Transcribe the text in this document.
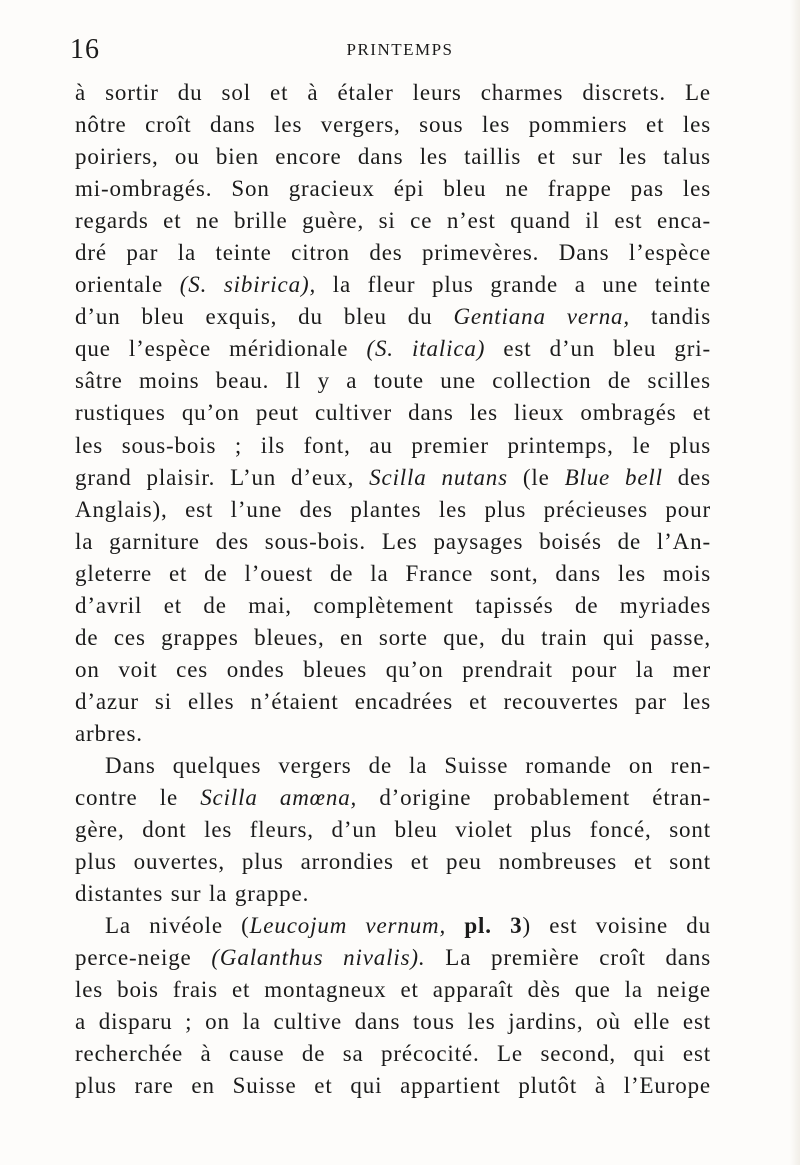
16	PRINTEMPS
à sortir du sol et à étaler leurs charmes discrets. Le
nôtre croît dans les vergers, sous les pommiers et les
poiriers, ou bien encore dans les taillis et sur les talus
mi-ombragés. Son gracieux épi bleu ne frappe pas les
regards et ne brille guère, si ce n’est quand il est enca-
dré par la teinte citron des primevères. Dans l’espèce
orientale (S. sibirica), la fleur plus grande a une teinte
d’un bleu exquis, du bleu du Gentiana verna, tandis
que l’espèce méridionale (S. italica) est d’un bleu gri-
sâtre moins beau. Il y a toute une collection de scilles
rustiques qu’on peut cultiver dans les lieux ombragés et
les sous-bois ; ils font, au premier printemps, le plus
grand plaisir. L’un d’eux, Scilla nutans (le Blue bell des
Anglais), est l’une des plantes les plus précieuses pour
la garniture des sous-bois. Les paysages boisés de l’An-
gleterre et de l’ouest de la France sont, dans les mois
d’avril et de mai, complètement tapissés de myriades
de ces grappes bleues, en sorte que, du train qui passe,
on voit ces ondes bleues qu’on prendrait pour la mer
d’azur si elles n’étaient encadrées et recouvertes par les
arbres.
Dans quelques vergers de la Suisse romande on ren-
contre le Scilla amœna, d’origine probablement étran-
gère, dont les fleurs, d’un bleu violet plus foncé, sont
plus ouvertes, plus arrondies et peu nombreuses et sont
distantes sur la grappe.
La nivéole (Leucojum vernum, pl. 3) est voisine du
perce-neige (Galanthus nivalis). La première croît dans
les bois frais et montagneux et apparaît dès que la neige
a disparu ; on la cultive dans tous les jardins, où elle est
recherchée à cause de sa précocité. Le second, qui est
plus rare en Suisse et qui appartient plutôt à l’Europe
